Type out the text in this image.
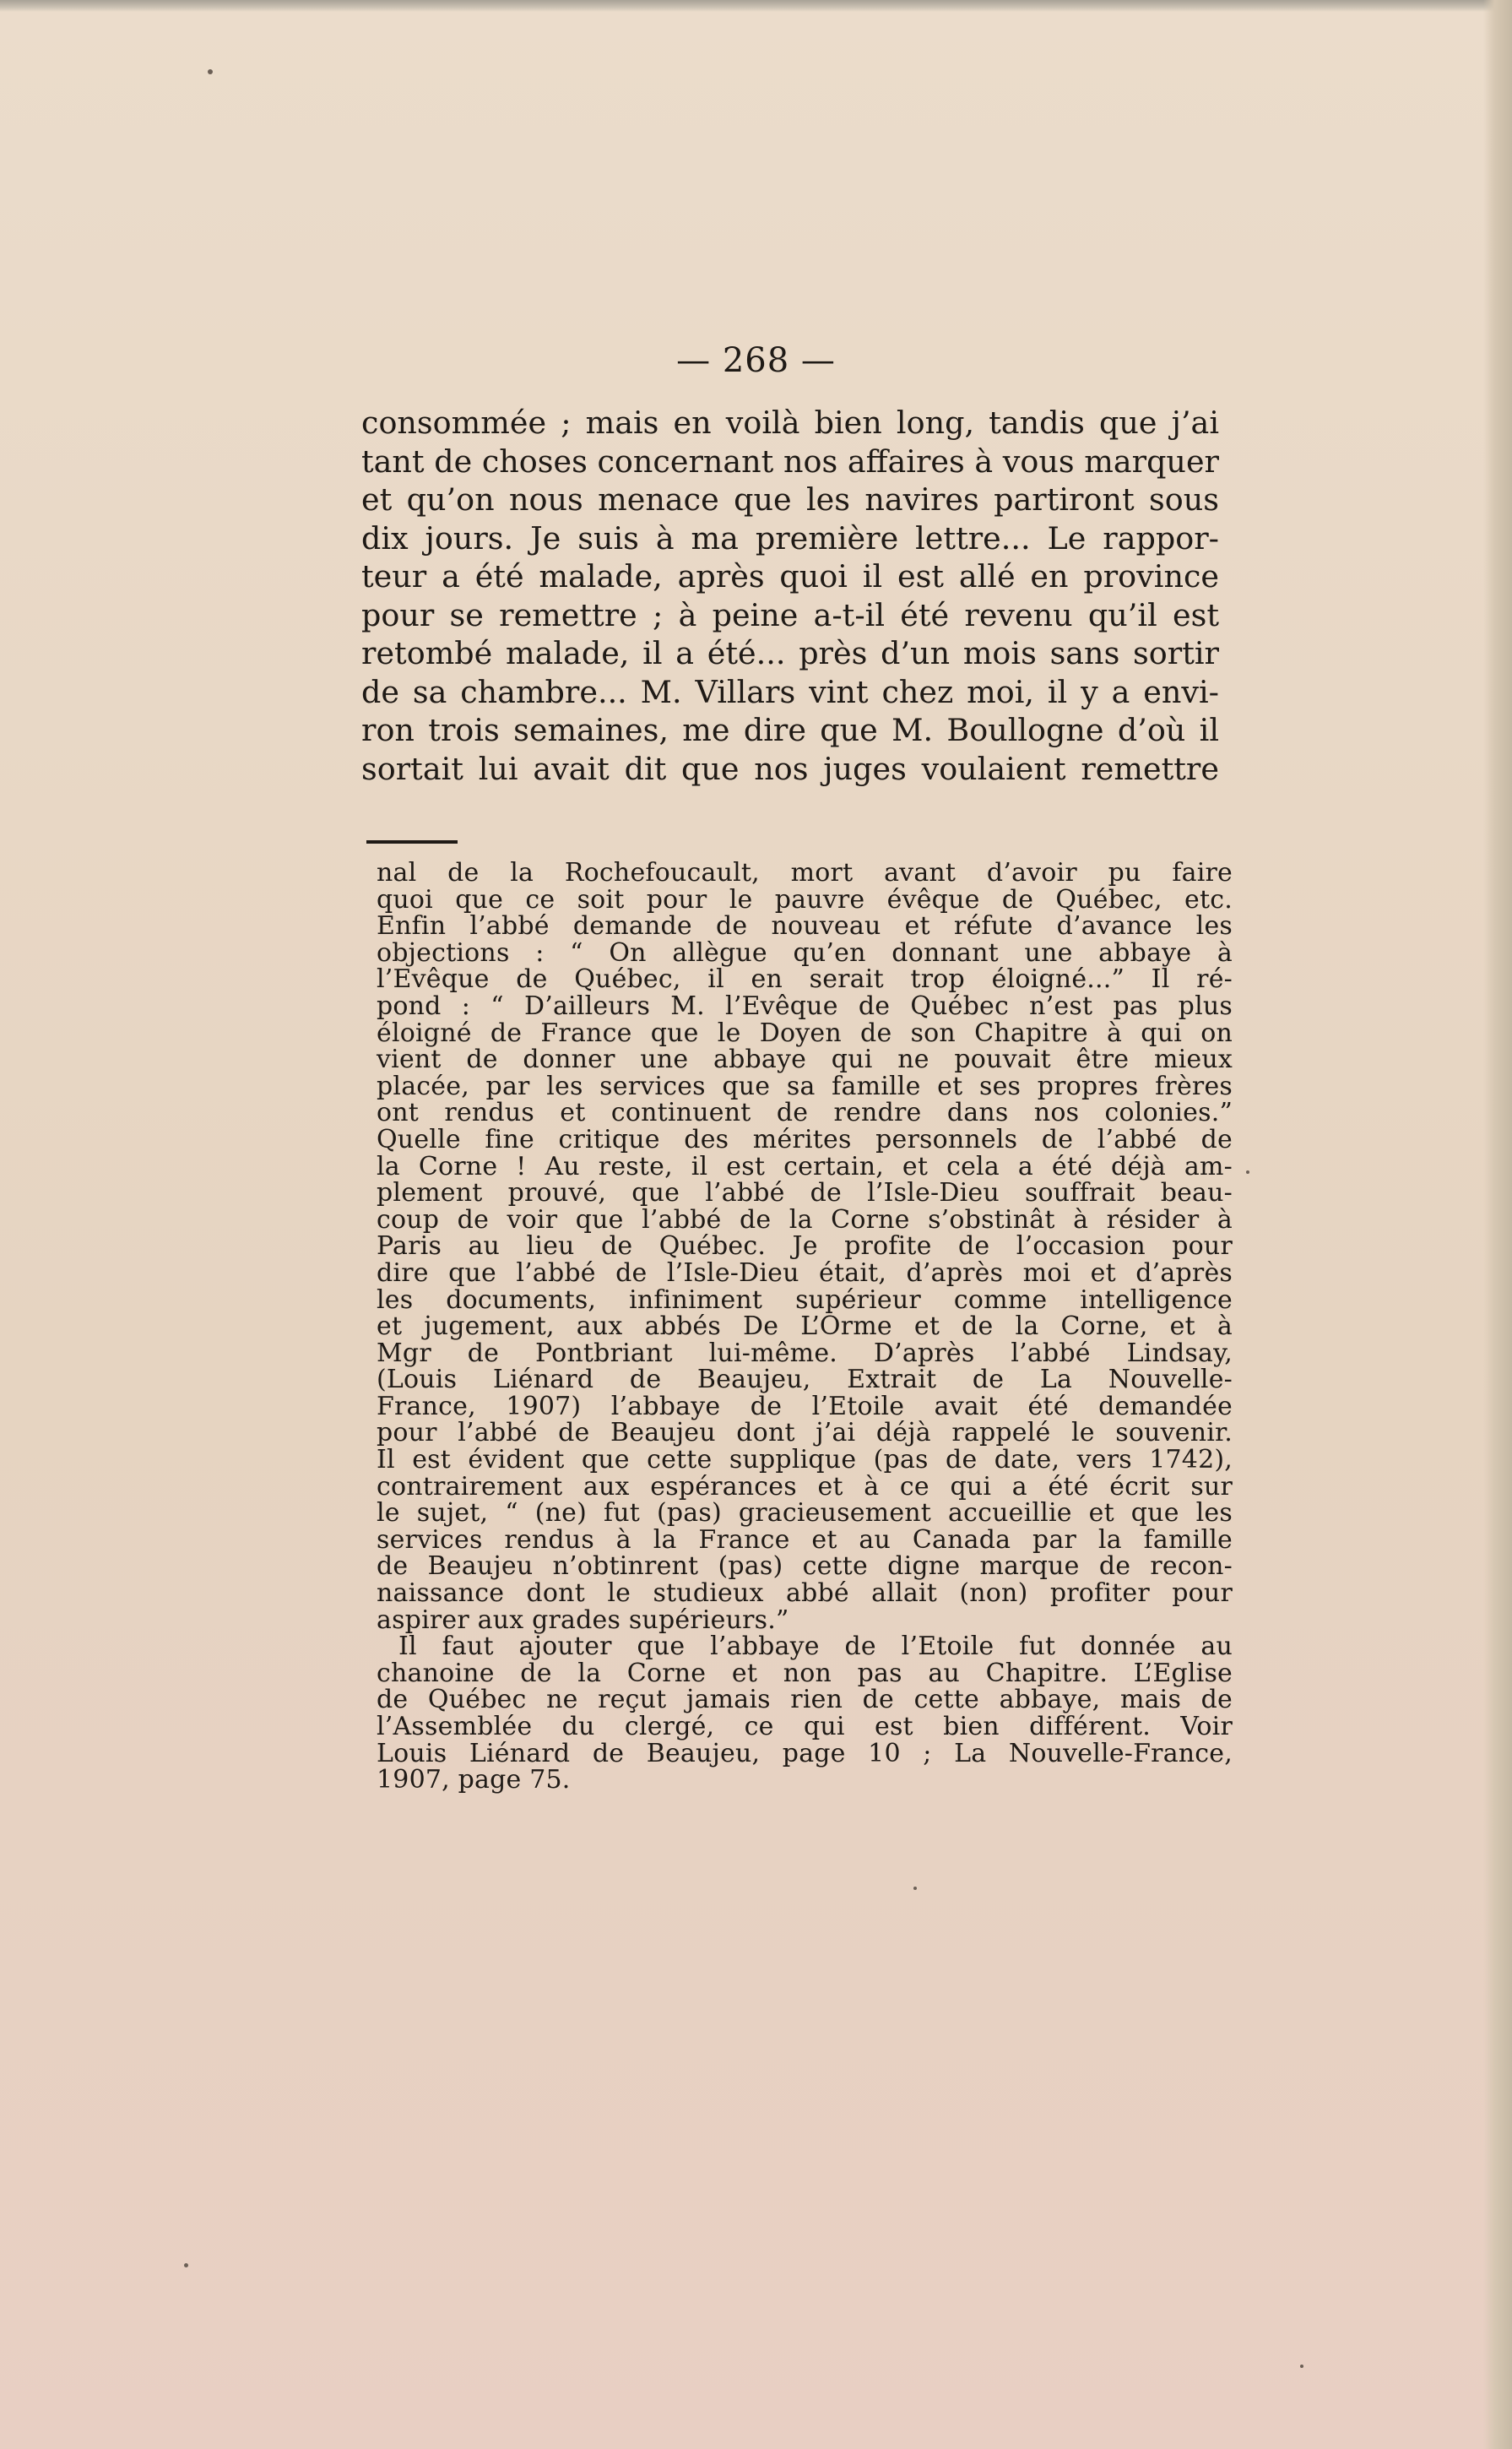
— 268 —
consommée ; mais en voilà bien long, tandis que j’ai
tant de choses concernant nos affaires à vous marquer
et qu’on nous menace que les navires partiront sous
dix jours. Je suis à ma première lettre... Le rappor-
teur a été malade, après quoi il est allé en province
pour se remettre ; à peine a-t-il été revenu qu’il est
retombé malade, il a été... près d’un mois sans sortir
de sa chambre... M. Villars vint chez moi, il y a envi-
ron trois semaines, me dire que M. Boullogne d’où il
sortait lui avait dit que nos juges voulaient remettre
nal de la Rochefoucault, mort avant d’avoir pu faire
quoi que ce soit pour le pauvre évêque de Québec, etc.
Enfin l’abbé demande de nouveau et réfute d’avance les
objections : “ On allègue qu’en donnant une abbaye à
l’Evêque de Québec, il en serait trop éloigné...” Il ré-
pond : “ D’ailleurs M. l’Evêque de Québec n’est pas plus
éloigné de France que le Doyen de son Chapitre à qui on
vient de donner une abbaye qui ne pouvait être mieux
placée, par les services que sa famille et ses propres frères
ont rendus et continuent de rendre dans nos colonies.”
Quelle fine critique des mérites personnels de l’abbé de
la Corne ! Au reste, il est certain, et cela a été déjà am-
plement prouvé, que l’abbé de l’Isle-Dieu souffrait beau-
coup de voir que l’abbé de la Corne s’obstinât à résider à
Paris au lieu de Québec. Je profite de l’occasion pour
dire que l’abbé de l’Isle-Dieu était, d’après moi et d’après
les documents, infiniment supérieur comme intelligence
et jugement, aux abbés De L’Orme et de la Corne, et à
Mgr de Pontbriant lui-même. D’après l’abbé Lindsay,
(Louis Liénard de Beaujeu, Extrait de La Nouvelle-
France, 1907) l’abbaye de l’Etoile avait été demandée
pour l’abbé de Beaujeu dont j’ai déjà rappelé le souvenir.
Il est évident que cette supplique (pas de date, vers 1742),
contrairement aux espérances et à ce qui a été écrit sur
le sujet, “ (ne) fut (pas) gracieusement accueillie et que les
services rendus à la France et au Canada par la famille
de Beaujeu n’obtinrent (pas) cette digne marque de recon-
naissance dont le studieux abbé allait (non) profiter pour
aspirer aux grades supérieurs.”
Il faut ajouter que l’abbaye de l’Etoile fut donnée au
chanoine de la Corne et non pas au Chapitre. L’Eglise
de Québec ne reçut jamais rien de cette abbaye, mais de
l’Assemblée du clergé, ce qui est bien différent. Voir
Louis Liénard de Beaujeu, page 10 ; La Nouvelle-France,
1907, page 75.
